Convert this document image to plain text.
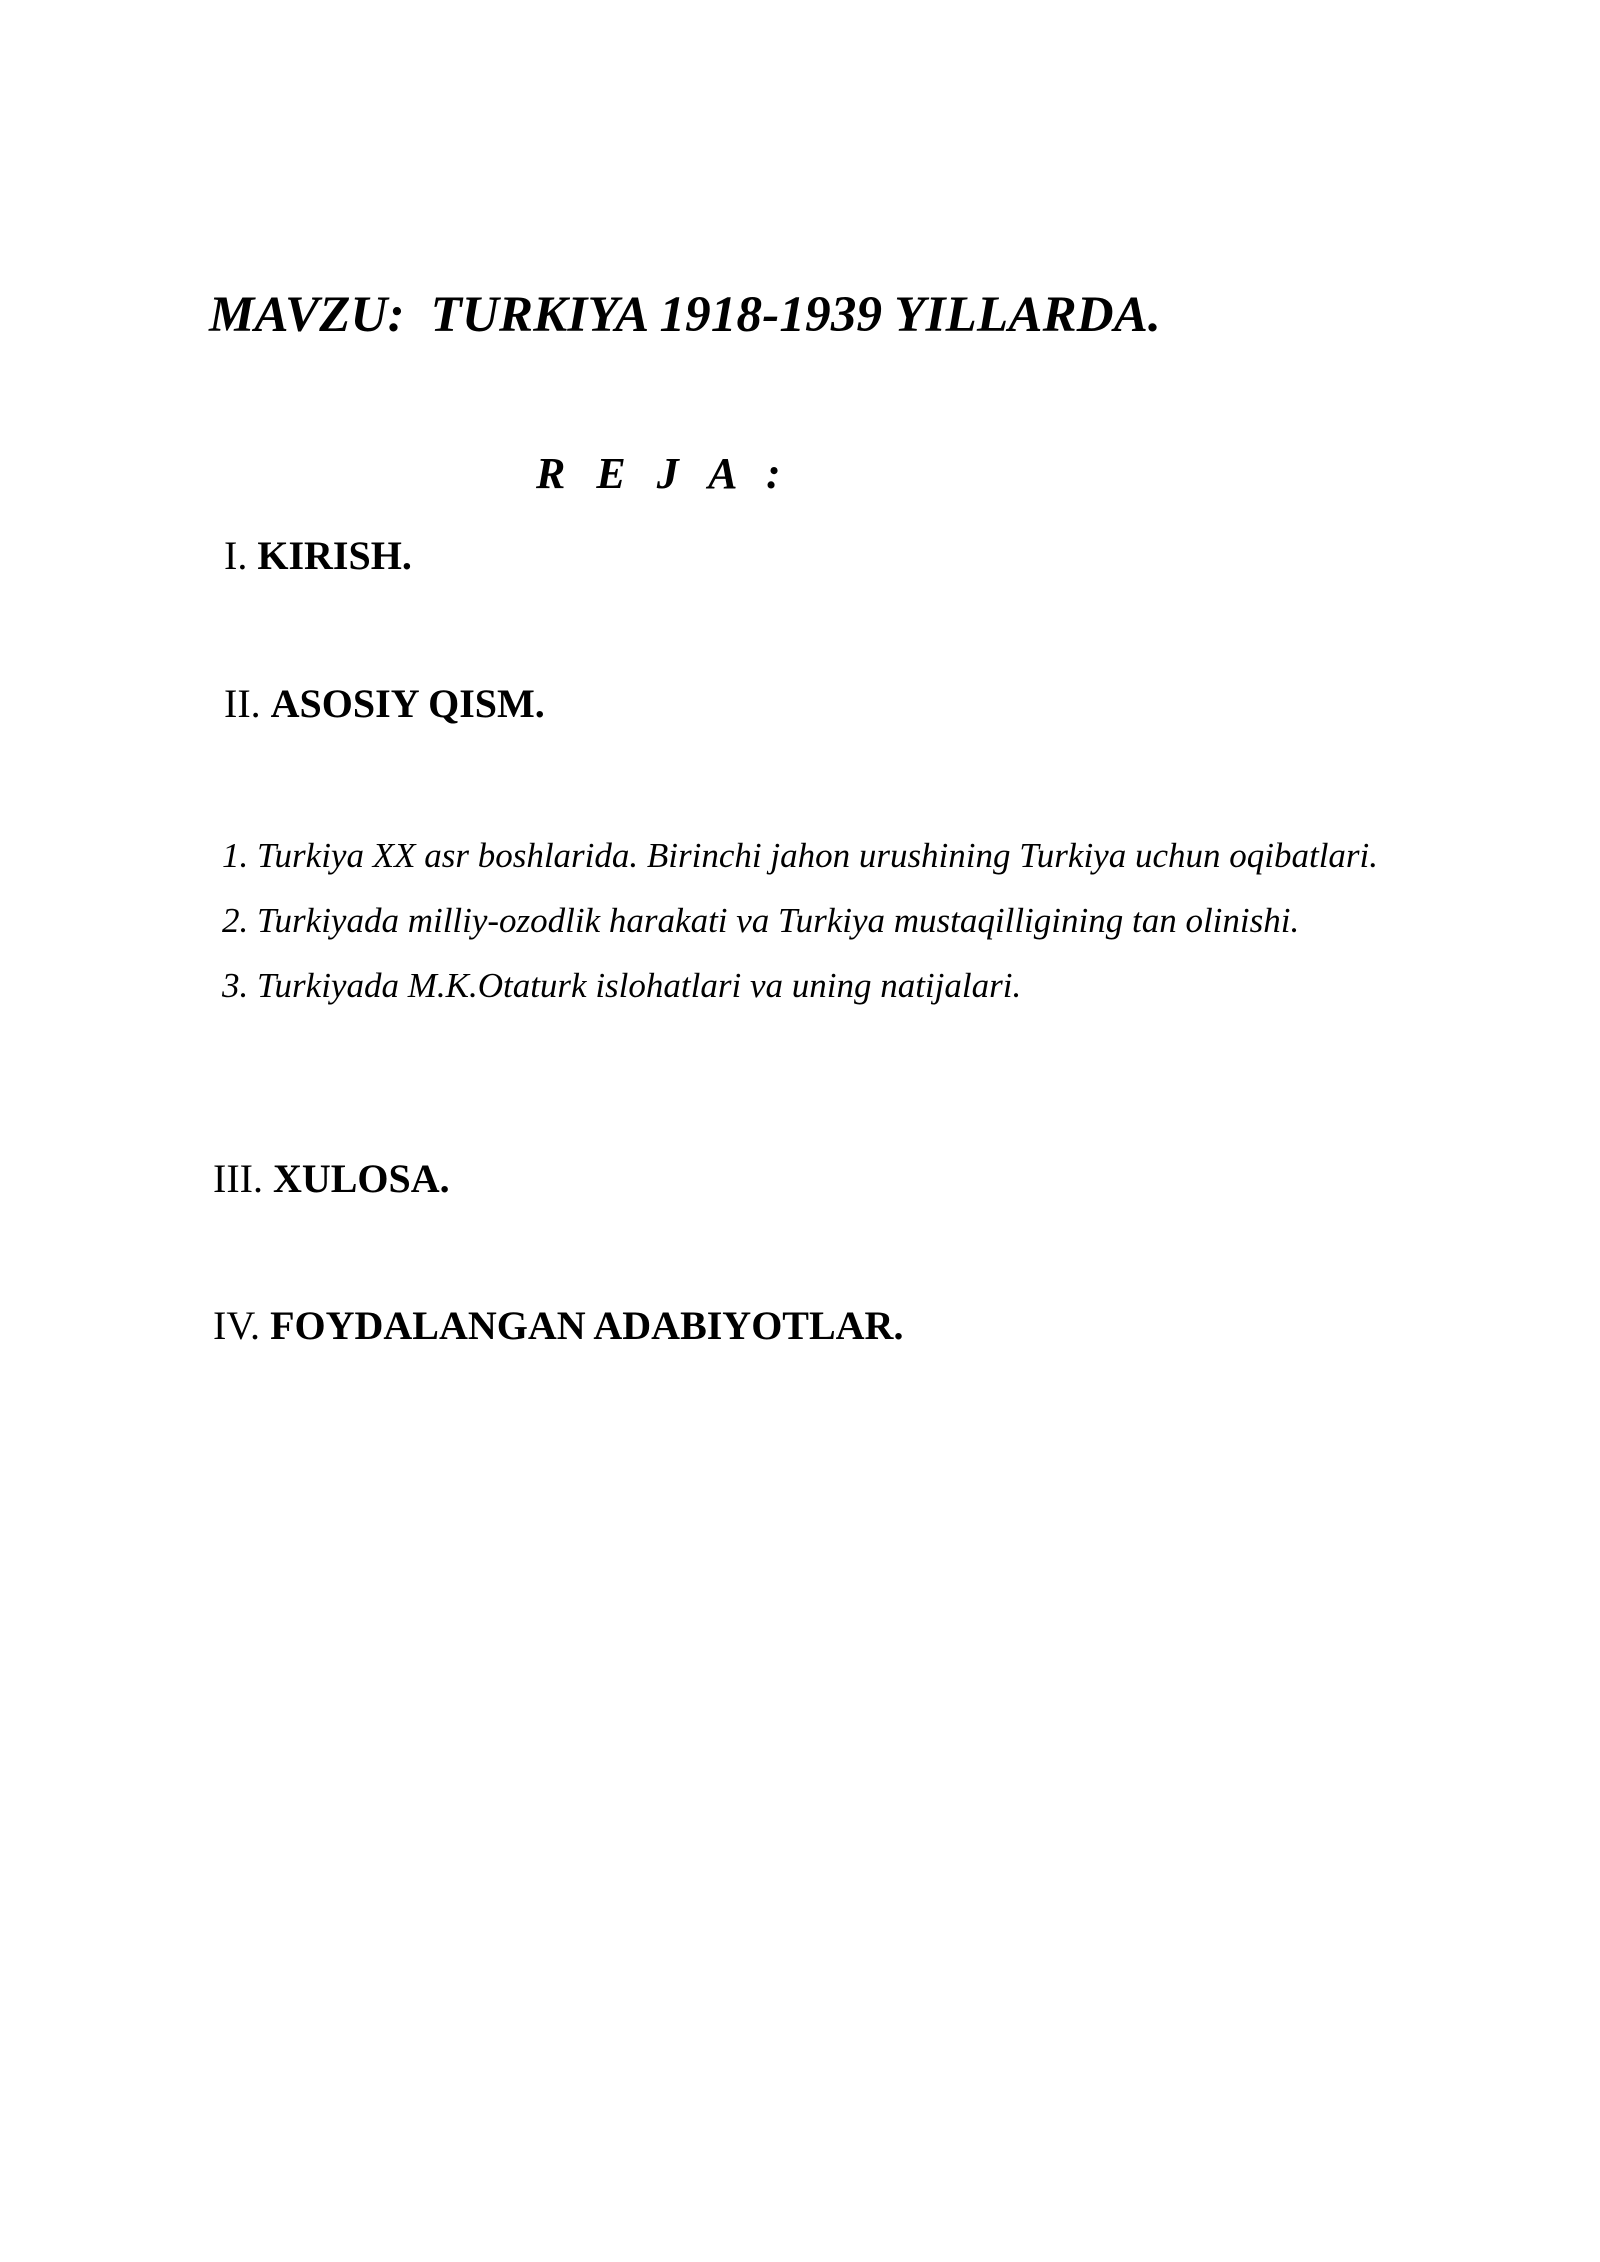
MAVZU:  TURKIYA 1918-1939 YILLARDA.
R E J A :
I. KIRISH.
II. ASOSIY QISM.
1. Turkiya XX asr boshlarida. Birinchi jahon urushining Turkiya uchun oqibatlari.
2. Turkiyada milliy-ozodlik harakati va Turkiya mustaqilligining tan olinishi.
3. Turkiyada M.K.Otaturk islohatlari va uning natijalari.
III. XULOSA.
IV. FOYDALANGAN ADABIYOTLAR.
